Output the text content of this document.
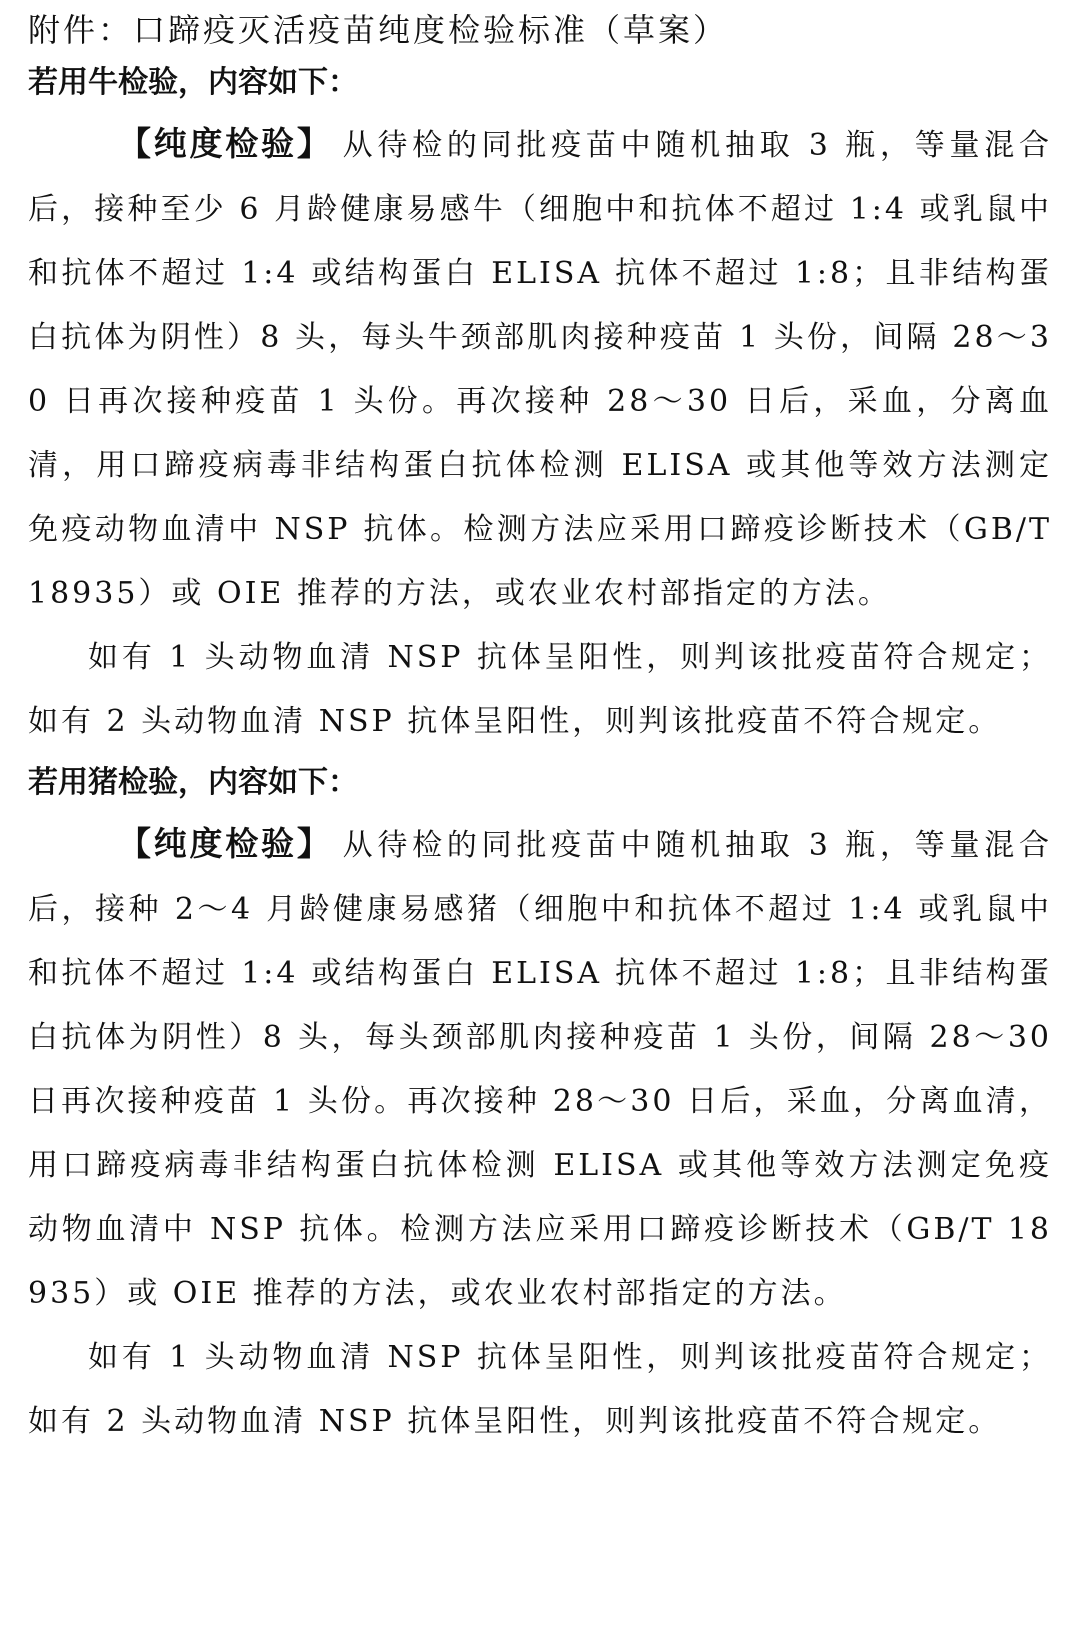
附件：口蹄疫灭活疫苗纯度检验标准（草案）
若用牛检验，内容如下：

【纯度检验】 从待检的同批疫苗中随机抽取 3 瓶，等量混合后，接种至少 6 月龄健康易感牛（细胞中和抗体不超过 1:4 或乳鼠中和抗体不超过 1:4 或结构蛋白 ELISA 抗体不超过 1:8；且非结构蛋白抗体为阴性）8 头，每头牛颈部肌肉接种疫苗 1 头份，间隔 28～30 日再次接种疫苗 1 头份。再次接种 28～30 日后，采血，分离血清，用口蹄疫病毒非结构蛋白抗体检测 ELISA 或其他等效方法测定免疫动物血清中 NSP 抗体。检测方法应采用口蹄疫诊断技术（GB/T 18935）或 OIE 推荐的方法，或农业农村部指定的方法。

如有 1 头动物血清 NSP 抗体呈阳性，则判该批疫苗符合规定；如有 2 头动物血清 NSP 抗体呈阳性，则判该批疫苗不符合规定。

若用猪检验，内容如下：

【纯度检验】 从待检的同批疫苗中随机抽取 3 瓶，等量混合后，接种 2～4 月龄健康易感猪（细胞中和抗体不超过 1:4 或乳鼠中和抗体不超过 1:4 或结构蛋白 ELISA 抗体不超过 1:8；且非结构蛋白抗体为阴性）8 头，每头颈部肌肉接种疫苗 1 头份，间隔 28～30 日再次接种疫苗 1 头份。再次接种 28～30 日后，采血，分离血清，用口蹄疫病毒非结构蛋白抗体检测 ELISA 或其他等效方法测定免疫动物血清中 NSP 抗体。检测方法应采用口蹄疫诊断技术（GB/T 18935）或 OIE 推荐的方法，或农业农村部指定的方法。

如有 1 头动物血清 NSP 抗体呈阳性，则判该批疫苗符合规定；如有 2 头动物血清 NSP 抗体呈阳性，则判该批疫苗不符合规定。
